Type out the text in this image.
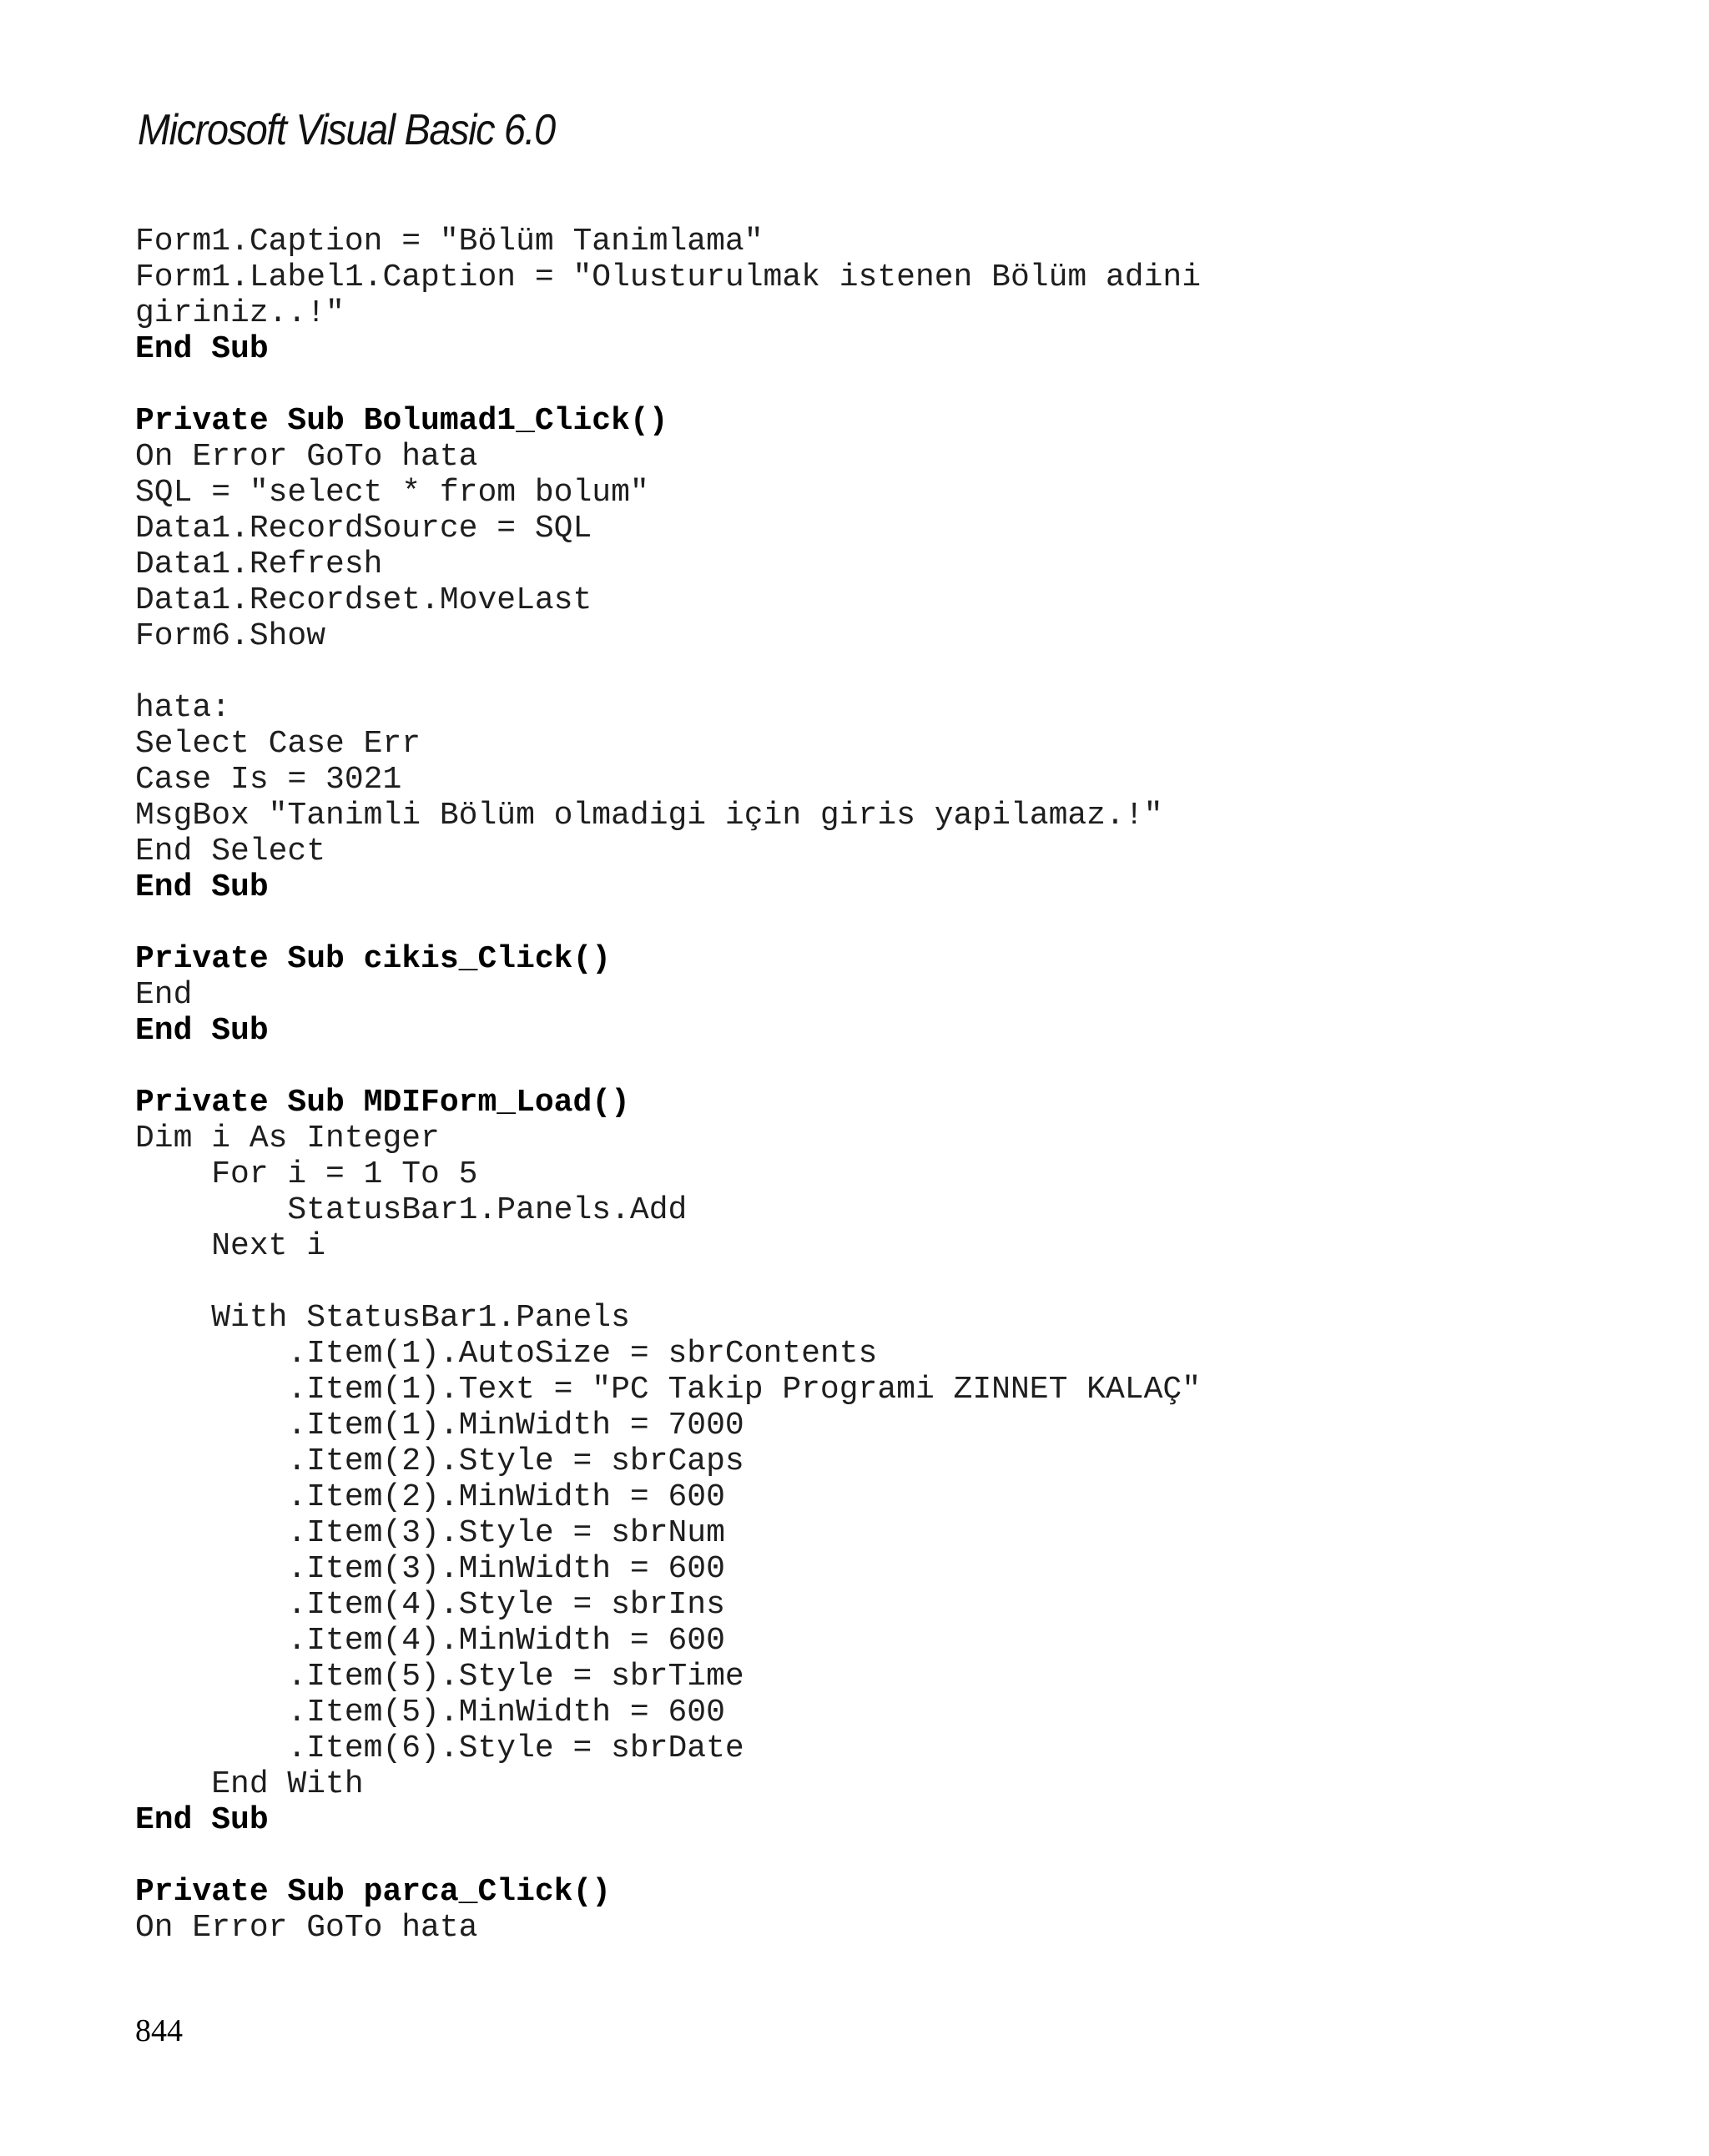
Microsoft Visual Basic 6.0
Form1.Caption = "Bölüm Tanimlama"
Form1.Label1.Caption = "Olusturulmak istenen Bölüm adini
giriniz..!"
End Sub
Private Sub Bolumad1_Click()
On Error GoTo hata
SQL = "select * from bolum"
Data1.RecordSource = SQL
Data1.Refresh
Data1.Recordset.MoveLast
Form6.Show
hata:
Select Case Err
Case Is = 3021
MsgBox "Tanimli Bölüm olmadigi için giris yapilamaz.!"
End Select
End Sub
Private Sub cikis_Click()
End
End Sub
Private Sub MDIForm_Load()
Dim i As Integer
For i = 1 To 5
StatusBar1.Panels.Add
Next i
With StatusBar1.Panels
.Item(1).AutoSize = sbrContents
.Item(1).Text = "PC Takip Programi ZINNET KALAÇ"
.Item(1).MinWidth = 7000
.Item(2).Style = sbrCaps
.Item(2).MinWidth = 600
.Item(3).Style = sbrNum
.Item(3).MinWidth = 600
.Item(4).Style = sbrIns
.Item(4).MinWidth = 600
.Item(5).Style = sbrTime
.Item(5).MinWidth = 600
.Item(6).Style = sbrDate
End With
End Sub
Private Sub parca_Click()
On Error GoTo hata
844
